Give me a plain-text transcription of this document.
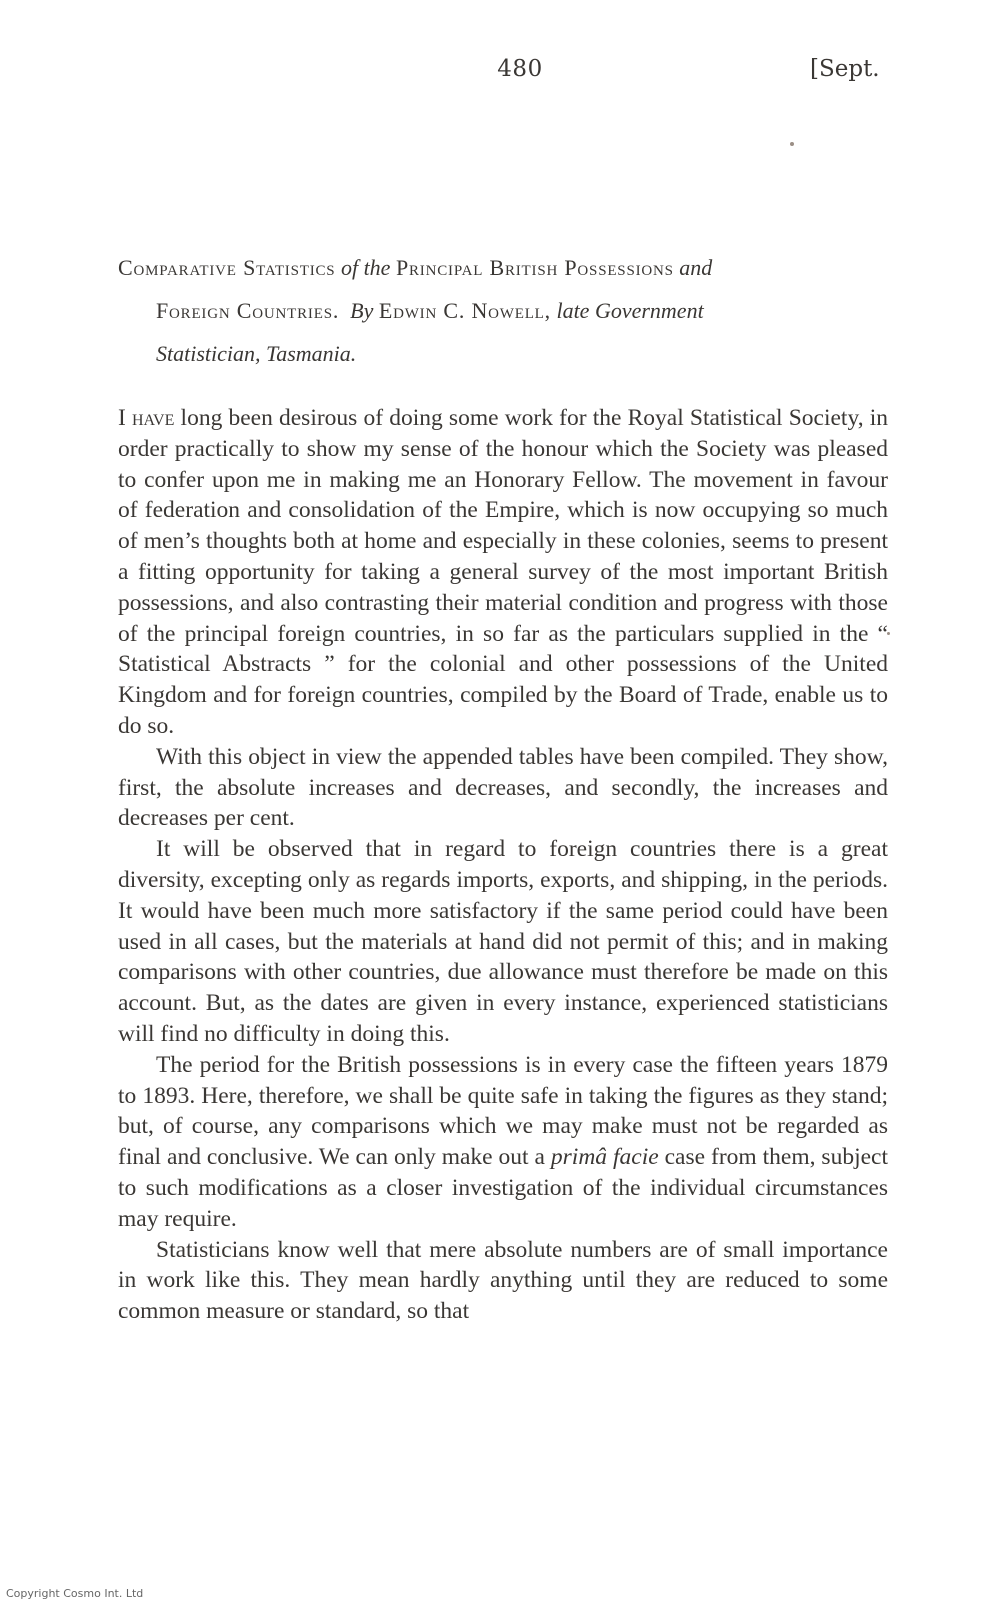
480	[Sept.
Comparative Statistics of the Principal British Possessions and
Foreign Countries. By Edwin C. Nowell, late Government
Statistician, Tasmania.

I have long been desirous of doing some work for the Royal Statistical Society, in order practically to show my sense of the honour which the Society was pleased to confer upon me in making me an Honorary Fellow. The movement in favour of federation and consolidation of the Empire, which is now occupying so much of men’s thoughts both at home and especially in these colonies, seems to present a fitting opportunity for taking a general survey of the most important British possessions, and also contrasting their material condition and progress with those of the principal foreign countries, in so far as the particulars supplied in the “ Statistical Abstracts ” for the colonial and other possessions of the United Kingdom and for foreign countries, compiled by the Board of Trade, enable us to do so.

With this object in view the appended tables have been compiled. They show, first, the absolute increases and decreases, and secondly, the increases and decreases per cent.

It will be observed that in regard to foreign countries there is a great diversity, excepting only as regards imports, exports, and shipping, in the periods. It would have been much more satisfactory if the same period could have been used in all cases, but the materials at hand did not permit of this; and in making comparisons with other countries, due allowance must therefore be made on this account. But, as the dates are given in every instance, experienced statisticians will find no difficulty in doing this.

The period for the British possessions is in every case the fifteen years 1879 to 1893. Here, therefore, we shall be quite safe in taking the figures as they stand; but, of course, any comparisons which we may make must not be regarded as final and conclusive. We can only make out a primâ facie case from them, subject to such modifications as a closer investigation of the individual circumstances may require.

Statisticians know well that mere absolute numbers are of small importance in work like this. They mean hardly anything until they are reduced to some common measure or standard, so that

Copyright Cosmo Int. Ltd
